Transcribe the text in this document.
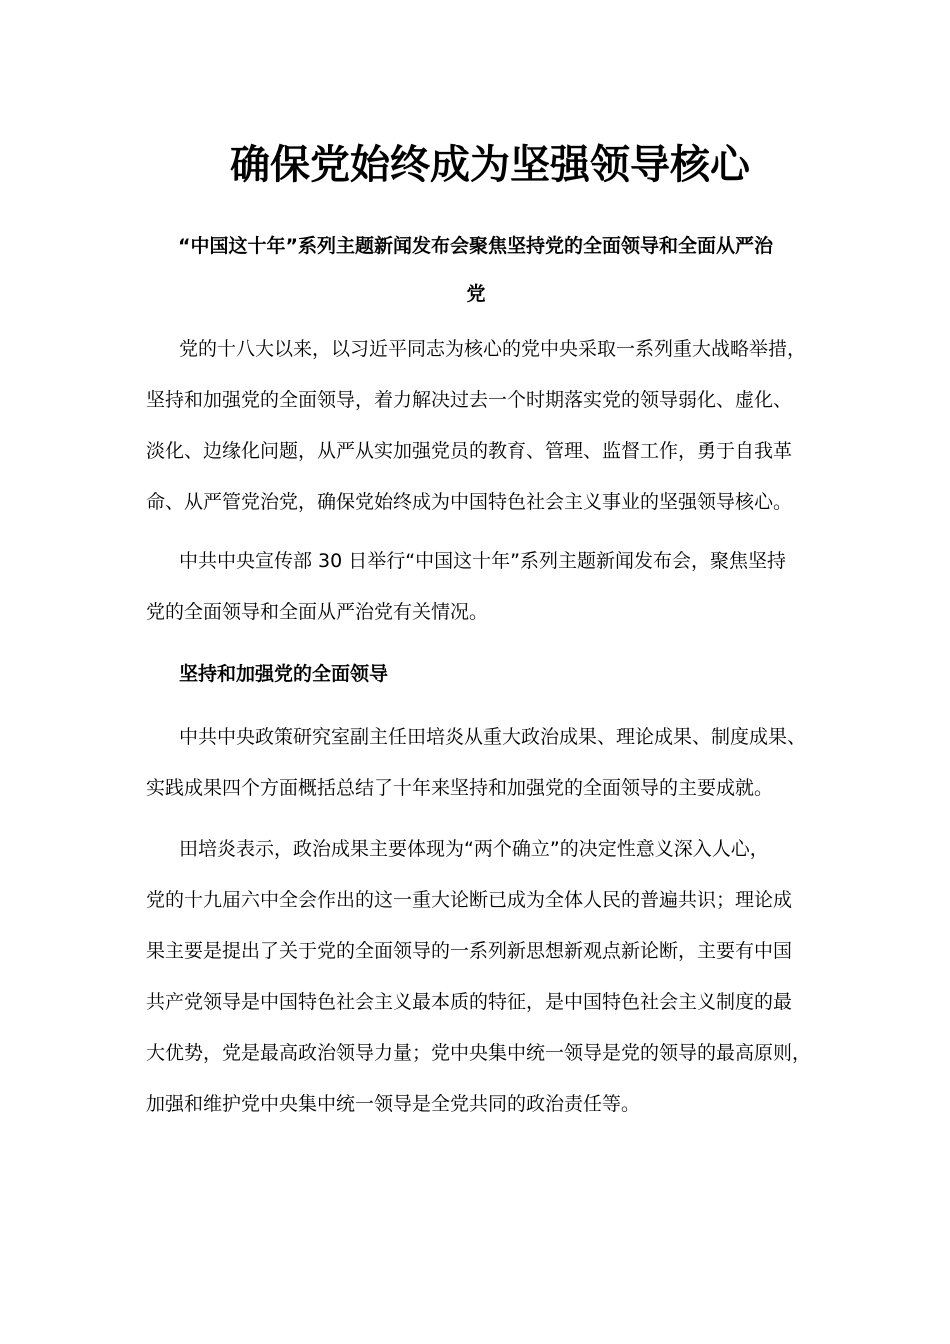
确保党始终成为坚强领导核心
“中国这十年”系列主题新闻发布会聚焦坚持党的全面领导和全面从严治
党
党的十八大以来，以习近平同志为核心的党中央采取一系列重大战略举措，
坚持和加强党的全面领导，着力解决过去一个时期落实党的领导弱化、虚化、
淡化、边缘化问题，从严从实加强党员的教育、管理、监督工作，勇于自我革
命、从严管党治党，确保党始终成为中国特色社会主义事业的坚强领导核心。
中共中央宣传部 30 日举行“中国这十年”系列主题新闻发布会，聚焦坚持
党的全面领导和全面从严治党有关情况。
坚持和加强党的全面领导
中共中央政策研究室副主任田培炎从重大政治成果、理论成果、制度成果、
实践成果四个方面概括总结了十年来坚持和加强党的全面领导的主要成就。
田培炎表示，政治成果主要体现为“两个确立”的决定性意义深入人心，
党的十九届六中全会作出的这一重大论断已成为全体人民的普遍共识；理论成
果主要是提出了关于党的全面领导的一系列新思想新观点新论断，主要有中国
共产党领导是中国特色社会主义最本质的特征，是中国特色社会主义制度的最
大优势，党是最高政治领导力量；党中央集中统一领导是党的领导的最高原则，
加强和维护党中央集中统一领导是全党共同的政治责任等。
